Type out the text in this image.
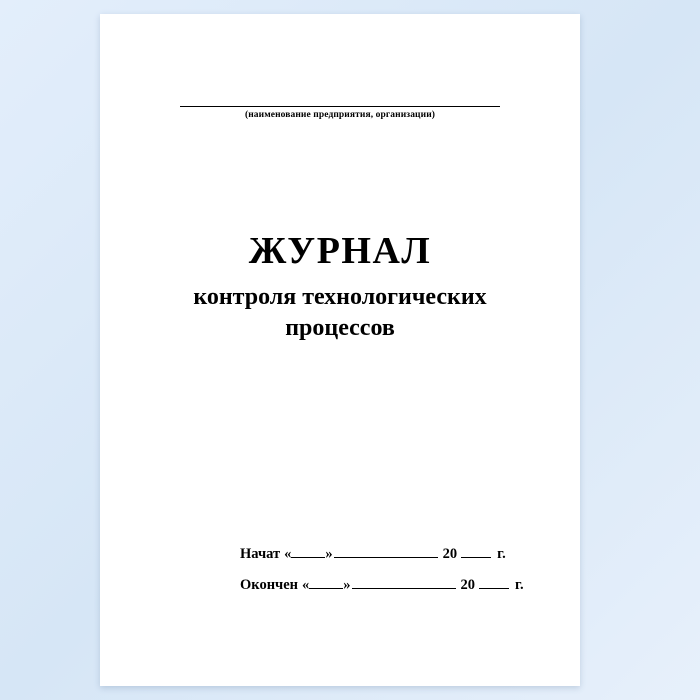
(наименование предприятия, организации)
ЖУРНАЛ
контроля технологических
процессов
Начат « »	20	г.
Окончен « »	20	г.
